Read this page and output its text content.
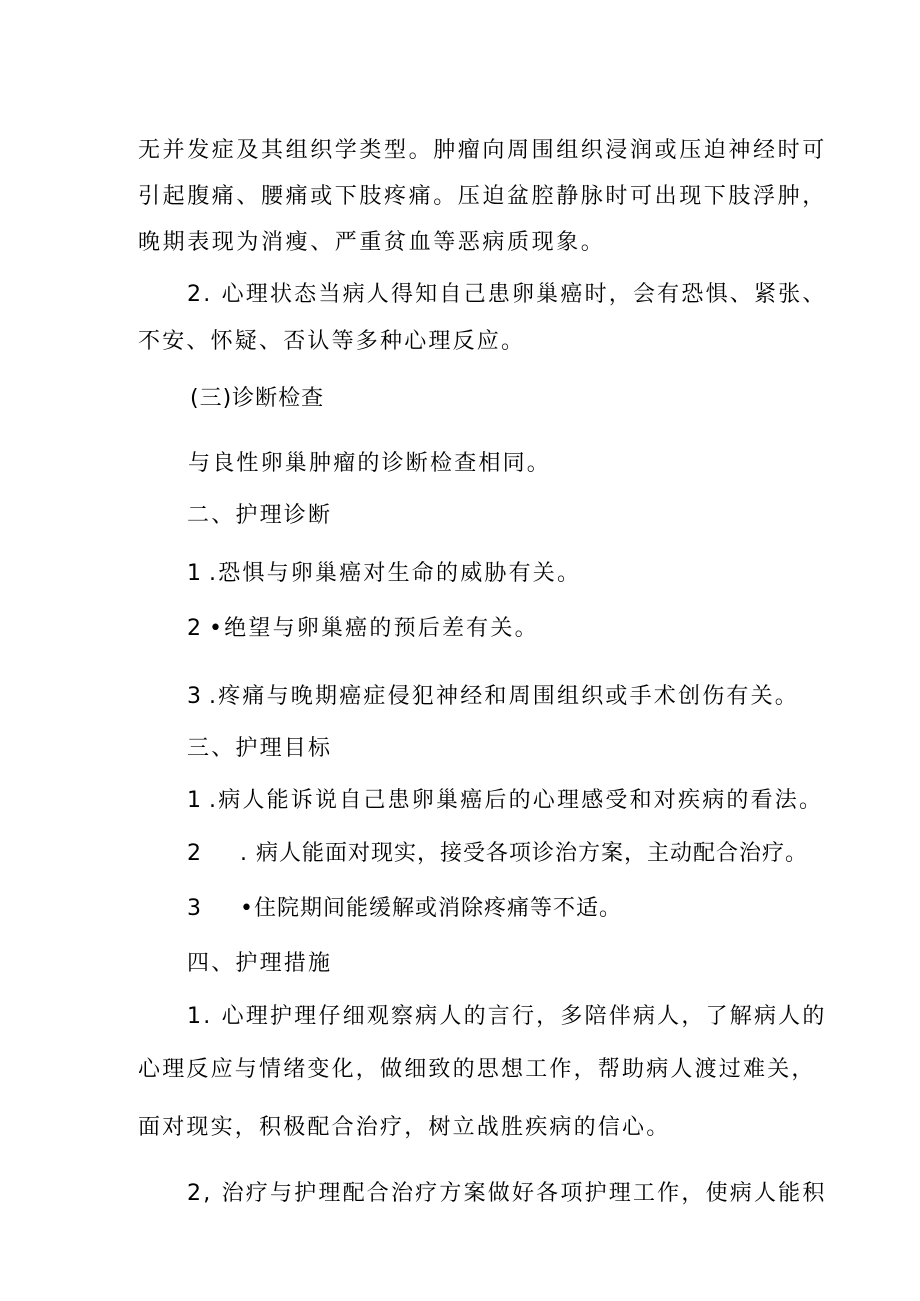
无并发症及其组织学类型。肿瘤向周围组织浸润或压迫神经时可

引起腹痛、腰痛或下肢疼痛。压迫盆腔静脉时可出现下肢浮肿，

晚期表现为消瘦、严重贫血等恶病质现象。

2. 心理状态当病人得知自己患卵巢癌时，会有恐惧、紧张、

不安、怀疑、否认等多种心理反应。

(三)诊断检查

与良性卵巢肿瘤的诊断检查相同。

二、护理诊断

1 .恐惧与卵巢癌对生命的威胁有关。

2 •绝望与卵巢癌的预后差有关。

3 .疼痛与晚期癌症侵犯神经和周围组织或手术创伤有关。

三、护理目标

1 .病人能诉说自己患卵巢癌后的心理感受和对疾病的看法。

2 . 病人能面对现实，接受各项诊治方案，主动配合治疗。

3 •住院期间能缓解或消除疼痛等不适。

四、护理措施

1. 心理护理仔细观察病人的言行，多陪伴病人，了解病人的

心理反应与情绪变化，做细致的思想工作，帮助病人渡过难关，

面对现实，积极配合治疗，树立战胜疾病的信心。

2, 治疗与护理配合治疗方案做好各项护理工作，使病人能积
